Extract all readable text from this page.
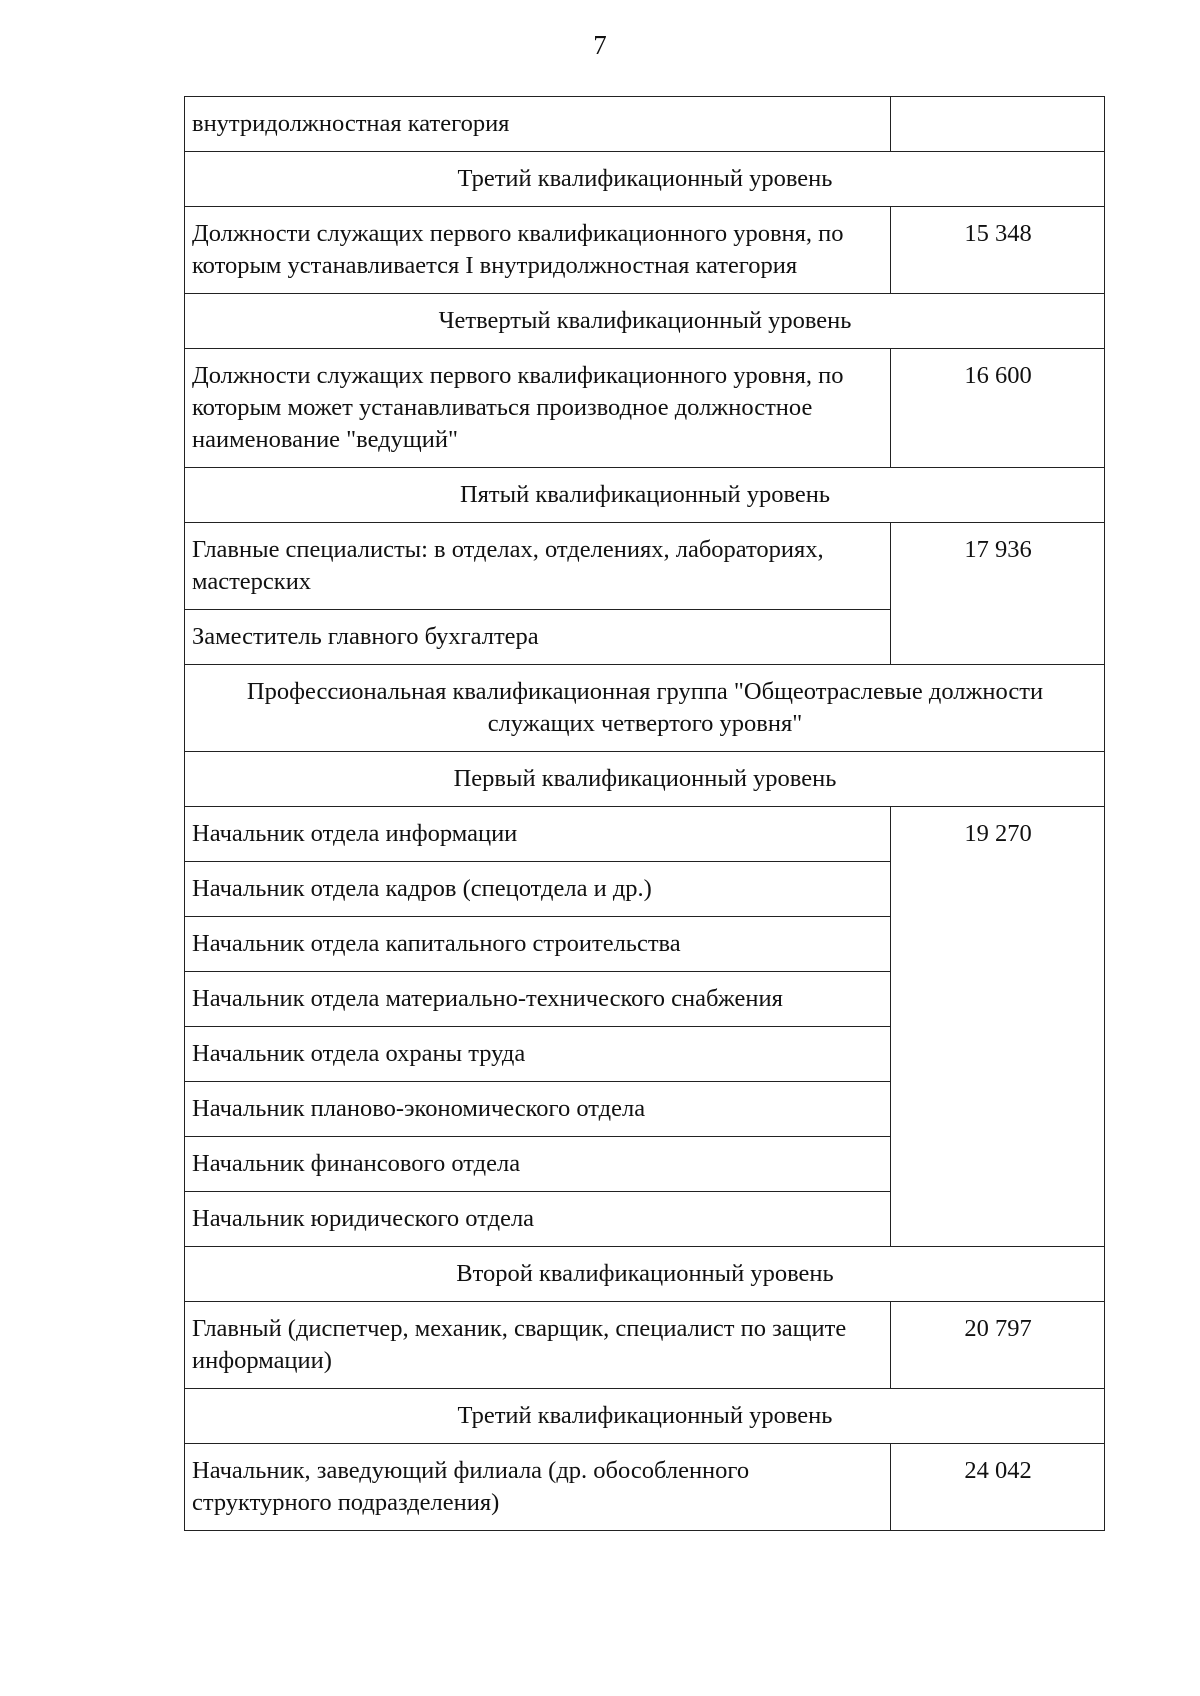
7
внутридолжностная категория	
Третий квалификационный уровень	
Должности служащих первого квалификационного уровня, по которым устанавливается I внутридолжностная категория	15 348
Четвертый квалификационный уровень	
Должности служащих первого квалификационного уровня, по которым может устанавливаться производное должностное наименование "ведущий"	16 600
Пятый квалификационный уровень	
Главные специалисты: в отделах, отделениях, лабораториях, мастерских	17 936
Заместитель главного бухгалтера	
Профессиональная квалификационная группа "Общеотраслевые должности служащих четвертого уровня"	
Первый квалификационный уровень	
Начальник отдела информации	19 270
Начальник отдела кадров (спецотдела и др.)	
Начальник отдела капитального строительства	
Начальник отдела материально-технического снабжения	
Начальник отдела охраны труда	
Начальник планово-экономического отдела	
Начальник финансового отдела	
Начальник юридического отдела	
Второй квалификационный уровень	
Главный (диспетчер, механик, сварщик, специалист по защите информации)	20 797
Третий квалификационный уровень	
Начальник, заведующий филиала (др. обособленного структурного подразделения)	24 042
